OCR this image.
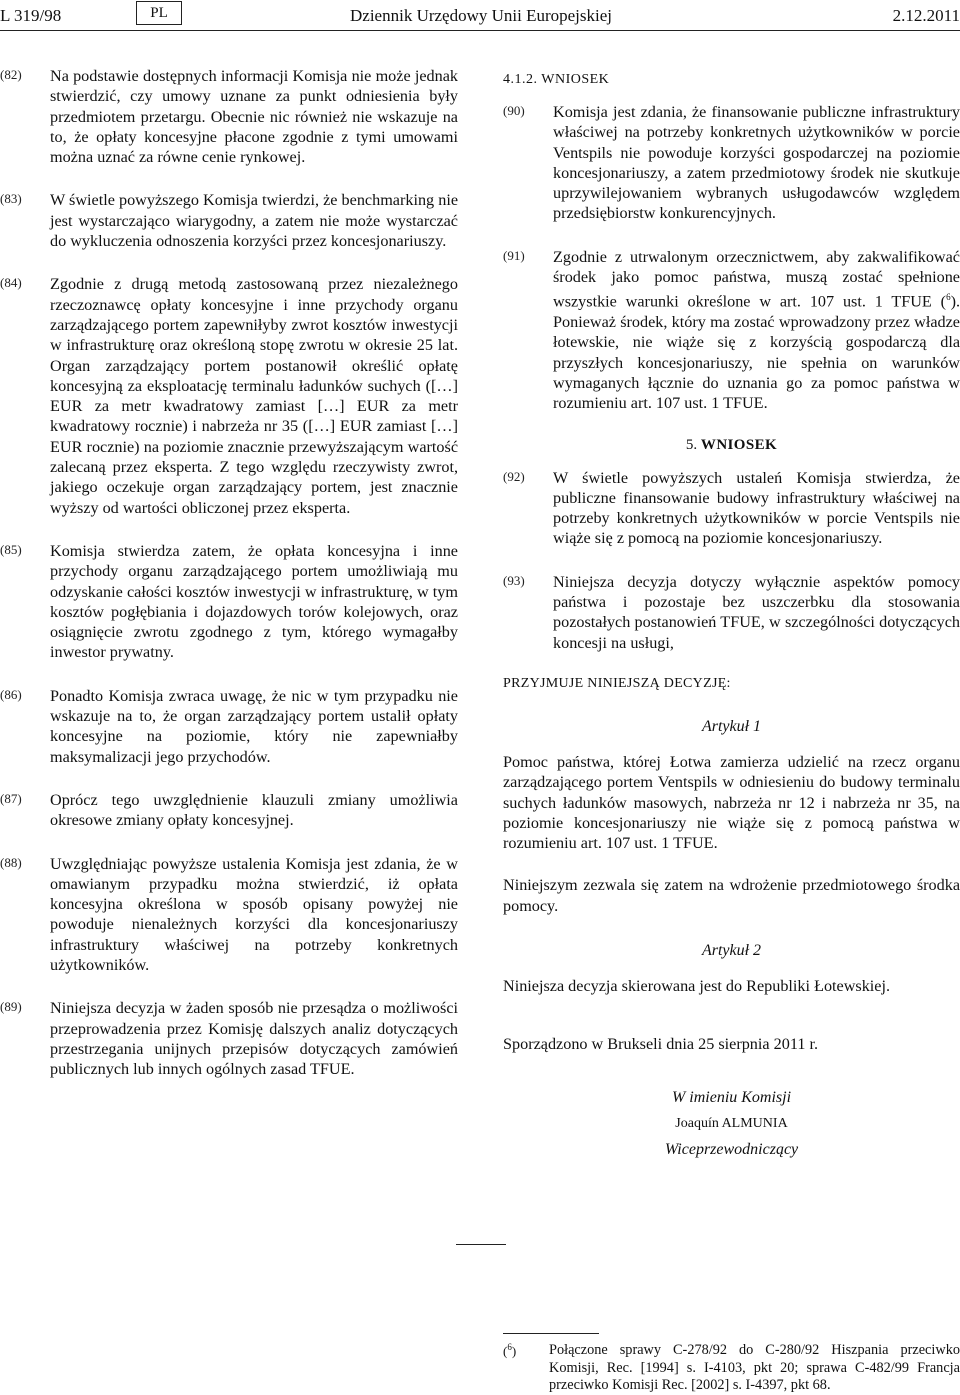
L 319/98	PL	Dziennik Urzędowy Unii Europejskiej	2.12.2011
(82) Na podstawie dostępnych informacji Komisja nie może jednak stwierdzić, czy umowy uznane za punkt odniesienia były przedmiotem przetargu. Obecnie nic również nie wskazuje na to, że opłaty koncesyjne płacone zgodnie z tymi umowami można uznać za równe cenie rynkowej.
(83) W świetle powyższego Komisja twierdzi, że benchmarking nie jest wystarczająco wiarygodny, a zatem nie może wystarczać do wykluczenia odnoszenia korzyści przez koncesjonariuszy.
(84) Zgodnie z drugą metodą zastosowaną przez niezależnego rzeczoznawcę opłaty koncesyjne i inne przychody organu zarządzającego portem zapewniłyby zwrot kosztów inwestycji w infrastrukturę oraz określoną stopę zwrotu w okresie 25 lat. Organ zarządzający portem postanowił określić opłatę koncesyjną za eksploatację terminalu ładunków suchych ([…] EUR za metr kwadratowy zamiast […] EUR za metr kwadratowy rocznie) i nabrzeża nr 35 ([…] EUR zamiast […] EUR rocznie) na poziomie znacznie przewyższającym wartość zalecaną przez eksperta. Z tego względu rzeczywisty zwrot, jakiego oczekuje organ zarządzający portem, jest znacznie wyższy od wartości obliczonej przez eksperta.
(85) Komisja stwierdza zatem, że opłata koncesyjna i inne przychody organu zarządzającego portem umożliwiają mu odzyskanie całości kosztów inwestycji w infrastrukturę, w tym kosztów pogłębiania i dojazdowych torów kolejowych, oraz osiągnięcie zwrotu zgodnego z tym, którego wymagałby inwestor prywatny.
(86) Ponadto Komisja zwraca uwagę, że nic w tym przypadku nie wskazuje na to, że organ zarządzający portem ustalił opłaty koncesyjne na poziomie, który nie zapewniałby maksymalizacji jego przychodów.
(87) Oprócz tego uwzględnienie klauzuli zmiany umożliwia okresowe zmiany opłaty koncesyjnej.
(88) Uwzględniając powyższe ustalenia Komisja jest zdania, że w omawianym przypadku można stwierdzić, iż opłata koncesyjna określona w sposób opisany powyżej nie powoduje nienależnych korzyści dla koncesjonariuszy infrastruktury właściwej na potrzeby konkretnych użytkowników.
(89) Niniejsza decyzja w żaden sposób nie przesądza o możliwości przeprowadzenia przez Komisję dalszych analiz dotyczących przestrzegania unijnych przepisów dotyczących zamówień publicznych lub innych ogólnych zasad TFUE.
4.1.2. WNIOSEK
(90) Komisja jest zdania, że finansowanie publiczne infrastruktury właściwej na potrzeby konkretnych użytkowników w porcie Ventspils nie powoduje korzyści gospodarczej na poziomie koncesjonariuszy, a zatem przedmiotowy środek nie skutkuje uprzywilejowaniem wybranych usługodawców względem przedsiębiorstw konkurencyjnych.
(91) Zgodnie z utrwalonym orzecznictwem, aby zakwalifikować środek jako pomoc państwa, muszą zostać spełnione wszystkie warunki określone w art. 107 ust. 1 TFUE ($^6$). Ponieważ środek, który ma zostać wprowadzony przez władze łotewskie, nie wiąże się z korzyścią gospodarczą dla przyszłych koncesjonariuszy, nie spełnia on warunków wymaganych łącznie do uznania go za pomoc państwa w rozumieniu art. 107 ust. 1 TFUE.
5. WNIOSEK
(92) W świetle powyższych ustaleń Komisja stwierdza, że publiczne finansowanie budowy infrastruktury właściwej na potrzeby konkretnych użytkowników w porcie Ventspils nie wiąże się z pomocą na poziomie koncesjonariuszy.
(93) Niniejsza decyzja dotyczy wyłącznie aspektów pomocy państwa i pozostaje bez uszczerbku dla stosowania pozostałych postanowień TFUE, w szczególności dotyczących koncesji na usługi,
PRZYJMUJE NINIEJSZĄ DECYZJĘ:
Artykuł 1
Pomoc państwa, której Łotwa zamierza udzielić na rzecz organu zarządzającego portem Ventspils w odniesieniu do budowy terminalu suchych ładunków masowych, nabrzeża nr 12 i nabrzeża nr 35, na poziomie koncesjonariuszy nie wiąże się z pomocą państwa w rozumieniu art. 107 ust. 1 TFUE.
Niniejszym zezwala się zatem na wdrożenie przedmiotowego środka pomocy.
Artykuł 2
Niniejsza decyzja skierowana jest do Republiki Łotewskiej.
Sporządzono w Brukseli dnia 25 sierpnia 2011 r.
W imieniu Komisji
Joaquín ALMUNIA
Wiceprzewodniczący
($^6$) Połączone sprawy C-278/92 do C-280/92 Hiszpania przeciwko Komisji, Rec. [1994] s. I-4103, pkt 20; sprawa C-482/99 Francja przeciwko Komisji Rec. [2002] s. I-4397, pkt 68.
